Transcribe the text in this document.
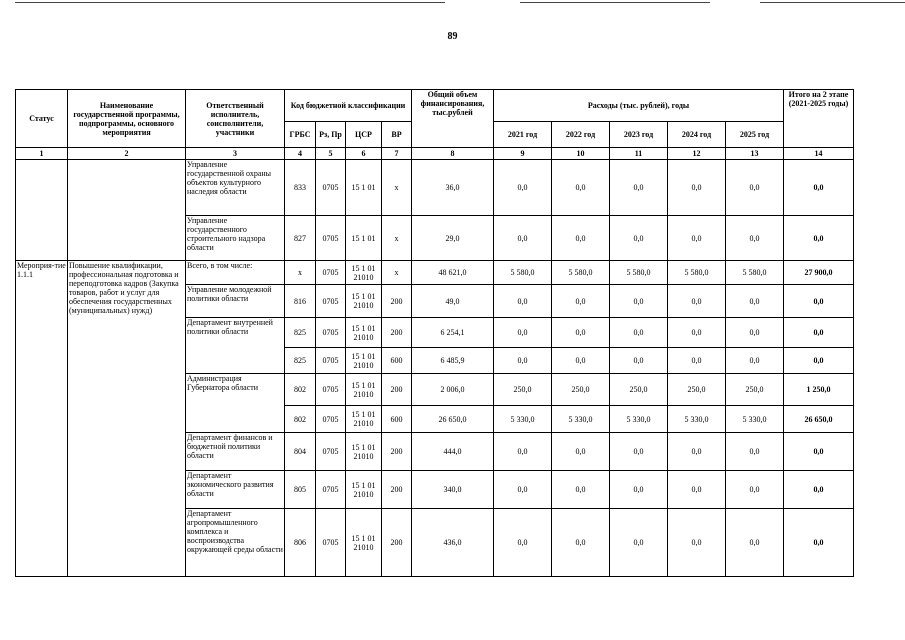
89
Статус	Наименование государственной программы, подпрограммы, основного мероприятия	Ответственный исполнитель, соисполнители, участники	Код бюджетной классификации				Общий объем финансирования, тыс.рублей	Расходы (тыс. рублей), годы					Итого на 2 этапе (2021-2025 годы)
			ГРБС	Рз, Пр	ЦСР	ВР		2021 год	2022 год	2023 год	2024 год	2025 год	
1	2	3	4	5	6	7	8	9	10	11	12	13	14
		Управление государственной охраны объектов культурного наследия области	833	0705	15 1 01	х	36,0	0,0	0,0	0,0	0,0	0,0	0,0
		Управление государственного строительного надзора области	827	0705	15 1 01	х	29,0	0,0	0,0	0,0	0,0	0,0	0,0
Мероприя-тие 1.1.1	Повышение квалификации, профессиональная подготовка и переподготовка кадров (Закупка товаров, работ и услуг для обеспечения государственных (муниципальных) нужд)	Всего, в том числе:	х	0705	15 1 01 21010	х	48 621,0	5 580,0	5 580,0	5 580,0	5 580,0	5 580,0	27 900,0
		Управление молодежной политики области	816	0705	15 1 01 21010	200	49,0	0,0	0,0	0,0	0,0	0,0	0,0
		Департамент внутренней политики области	825	0705	15 1 01 21010	200	6 254,1	0,0	0,0	0,0	0,0	0,0	0,0
			825	0705	15 1 01 21010	600	6 485,9	0,0	0,0	0,0	0,0	0,0	0,0
		Администрация Губернатора области	802	0705	15 1 01 21010	200	2 006,0	250,0	250,0	250,0	250,0	250,0	1 250,0
			802	0705	15 1 01 21010	600	26 650,0	5 330,0	5 330,0	5 330,0	5 330,0	5 330,0	26 650,0
		Департамент финансов и бюджетной политики области	804	0705	15 1 01 21010	200	444,0	0,0	0,0	0,0	0,0	0,0	0,0
		Департамент экономического развития области	805	0705	15 1 01 21010	200	340,0	0,0	0,0	0,0	0,0	0,0	0,0
		Департамент агропромышленного комплекса и воспроизводства окружающей среды области	806	0705	15 1 01 21010	200	436,0	0,0	0,0	0,0	0,0	0,0	0,0
